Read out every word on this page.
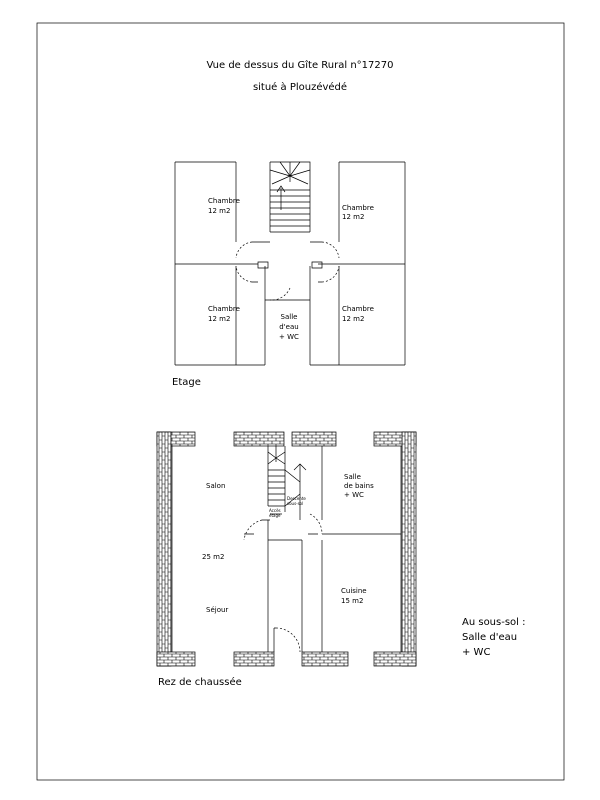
Vue de dessus du Gîte Rural n°17270
situé à Plouzévédé
Chambre
12 m2	Chambre
12 m2
Chambre
12 m2
Chambre
12 m2
Salle
d'eau
+ WC
Etage
Salon
25 m2
Séjour
Salle
de bains
+ WC
Cuisine
15 m2
Descente sous-sol
Accès étage
Rez de chaussée
Au sous-sol :
Salle d'eau
+ WC
